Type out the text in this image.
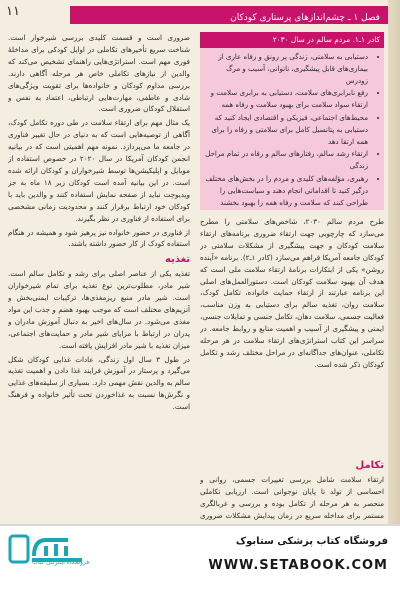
١١	فصل ۱ ـ چشم‌اندازهای پرستاری کودکان

ضروری است و قسمت کلیدی بررسی شیرخوار است. شناخت سریع تأخیرهای تکاملی در اوایل کودکی برای مداخلهٔ فوری مهم است. استراتژی‌هایی راهنمای تشخیص می‌کند که والدین از نیازهای تکاملی خاص هر مرحله آگاهی دارند. بررسی مداوم کودکان و خانواده‌ها برای تقویت ویژگی‌های شادی و عاطفی، مهارت‌هایی ارتباطی، اعتماد به نفس و استقلال کودکان ضروری است.

یک مثال مهم برای ارتقاء سلامت در طی دوره تکامل کودک، آگاهی از توصیه‌هایی است که به دنیای در حال تغییر فناوری در جامعه ما می‌پردازد. نمونه مهم اهمیتی است که در بیانیه انجمن کودکان آمریکا در سال ۲۰۲۰ در خصوص استفاده از موبایل و اپلیکیشن‌ها توسط شیرخواران و کودکان ارائه شده است. در این بیانیه آمده است کودکان زیر ۱۸ ماه به جز ویدیوچت نباید از صفحه نمایش استفاده کنند و والدین باید با کودکان خود ارتباط برقرار کنند و محدودیت زمانی مشخصی برای استفاده از فناوری در نظر بگیرند.

از فناوری در حضور خانواده نیز پرهیز شود و همیشه در هنگام استفاده کودک از کار حضور داشته باشند.

تغذیه

تغذیه یکی از عناصر اصلی برای رشد و تکامل سالم است. شیر مادر، مطلوب‌ترین نوع تغذیه برای تمام شیرخواران است. شیر مادر منبع ریزمغذی‌ها، ترکیبات ایمنی‌بخش و آنزیم‌های مختلف است که موجب بهبود هضم و جذب این مواد مغذی می‌شود. در سال‌های اخیر به دنبال آموزش مادران و پدران در ارتباط با مزایای شیر مادر و حمایت‌های اجتماعی، میزان تغذیه با شیر مادر افزایش یافته است.

در طول ۳ سال اول زندگی، عادات غذایی کودکان شکل می‌گیرد و پرستار در آموزش فرایند غذا دادن و اهمیت تغذیه سالم به والدین نقش مهمی دارد. بسیاری از سلیقه‌های غذایی و نگرش‌ها نسبت به غذاخوردن تحت تأثیر خانواده و فرهنگ است.

کادر ۱ـ۱. مردم سالم در سال ۲۰۳۰
• دستیابی به سلامتی، زندگی پر رونق و رفاه عاری از بیماری‌های قابل پیشگیری، ناتوانی، آسیب و مرگ زودرس
• رفع نابرابری‌های سلامت، دستیابی به برابری سلامت و ارتقاء سواد سلامت برای بهبود سلامت و رفاه همه
• محیط‌های اجتماعی، فیزیکی و اقتصادی ایجاد کنید که دستیابی به پتانسیل کامل برای سلامتی و رفاه را برای همه ارتقا دهد
• ارتقاء رشد سالم، رفتارهای سالم و رفاه در تمام مراحل زندگی
• رهبری، مؤلفه‌های کلیدی و مردم را در بخش‌های مختلف درگیر کنید تا اقداماتی انجام دهند و سیاست‌هایی را طراحی کنند که سلامت و رفاه همه را بهبود بخشند

طرح مردم سالم ۲۰۳۰، شاخص‌های سلامتی را مطرح می‌سازد که چارچوبی جهت ارتقاء ضروری برنامه‌های ارتقاء سلامت کودکان و جهت پیشگیری از مشکلات سلامتی در کودکان جامعه آمریکا فراهم می‌سازد (کادر ۱ـ۲). برنامه «آینده روشن» یکی از ابتکارات برنامهٔ ارتقاء سلامت ملی است که هدف آن بهبود سلامت کودکان است. دستورالعمل‌های اصلی این برنامه عبارتند از ارتقاء حمایت خانواده، تکامل کودک، سلامت روان، تغذیه سالم برای دستیابی به وزن مناسب، فعالیت جسمی، سلامت دهان، تکامل جنسی و تمایلات جنسی، ایمنی و پیشگیری از آسیب و اهمیت منابع و روابط جامعه. در سراسر این کتاب استراتژی‌های ارتقاء سلامت در هر مرحله تکاملی، عنوان‌های جداگانه‌ای در مراحل مختلف رشد و تکامل کودکان ذکر شده است.

تکامل

ارتقاء سلامت شامل بررسی تغییرات جسمی، روانی و احساسی از تولد تا پایان نوجوانی است. ارزیابی تکاملی منحصر به هر مرحله از تکامل بوده و بررسی و غربالگری مستمر برای مداخله سریع در زمان پیدایش مشکلات ضروری

فروشگاه اینترنتی کتاب
فروشگاه کتاب پزشکی ستابوک
WWW.SETABOOK.COM
